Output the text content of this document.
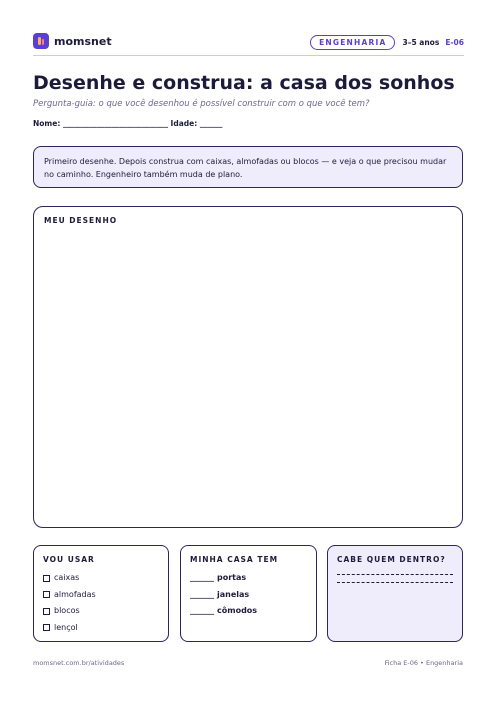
momsnet	ENGENHARIA	3–5 anos E-06
Desenhe e construa: a casa dos sonhos
Pergunta-guia: o que você desenhou é possível construir com o que você tem?
Nome: ____________________________ Idade: ______
Primeiro desenhe. Depois construa com caixas, almofadas ou blocos — e veja o que precisou mudar no caminho. Engenheiro também muda de plano.
MEU DESENHO
VOU USAR
caixas
almofadas
blocos
lençol
MINHA CASA TEM
______ portas
______ janelas
______ cômodos
CABE QUEM DENTRO?
momsnet.com.br/atividades	Ficha E-06 • Engenharia
